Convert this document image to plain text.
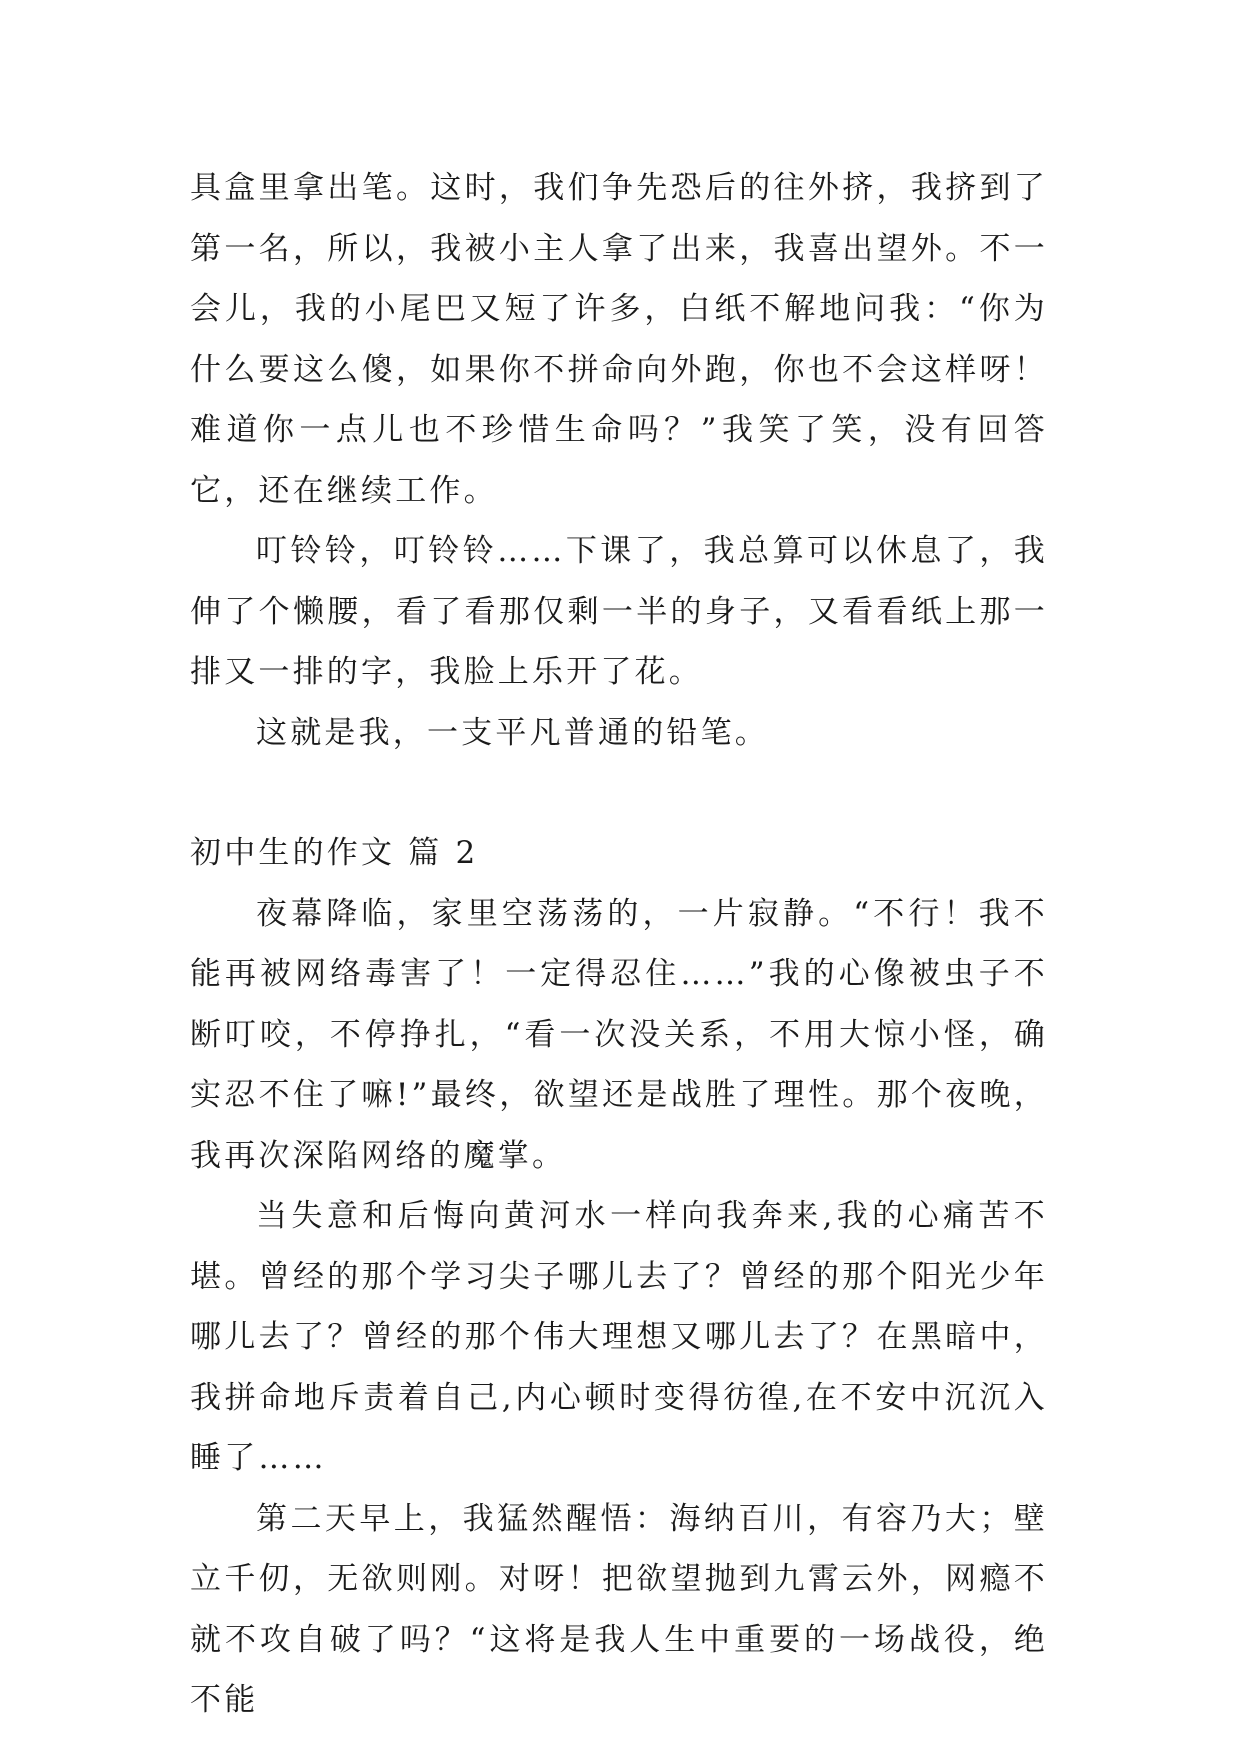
具盒里拿出笔。这时，我们争先恐后的往外挤，我挤到了第一名，所以，我被小主人拿了出来，我喜出望外。不一会儿，我的小尾巴又短了许多，白纸不解地问我：“你为什么要这么傻，如果你不拼命向外跑，你也不会这样呀！难道你一点儿也不珍惜生命吗？”我笑了笑，没有回答它，还在继续工作。

叮铃铃，叮铃铃……下课了，我总算可以休息了，我伸了个懒腰，看了看那仅剩一半的身子，又看看纸上那一排又一排的字，我脸上乐开了花。

这就是我，一支平凡普通的铅笔。

初中生的作文 篇 2

夜幕降临，家里空荡荡的，一片寂静。“不行！我不能再被网络毒害了！一定得忍住……”我的心像被虫子不断叮咬，不停挣扎，“看一次没关系，不用大惊小怪，确实忍不住了嘛!”最终，欲望还是战胜了理性。那个夜晚，我再次深陷网络的魔掌。

当失意和后悔向黄河水一样向我奔来,我的心痛苦不堪。曾经的那个学习尖子哪儿去了？曾经的那个阳光少年哪儿去了？曾经的那个伟大理想又哪儿去了？在黑暗中，我拼命地斥责着自己,内心顿时变得彷徨,在不安中沉沉入睡了……

第二天早上，我猛然醒悟：海纳百川，有容乃大；壁立千仞，无欲则刚。对呀！把欲望抛到九霄云外，网瘾不就不攻自破了吗？“这将是我人生中重要的一场战役，绝不能
